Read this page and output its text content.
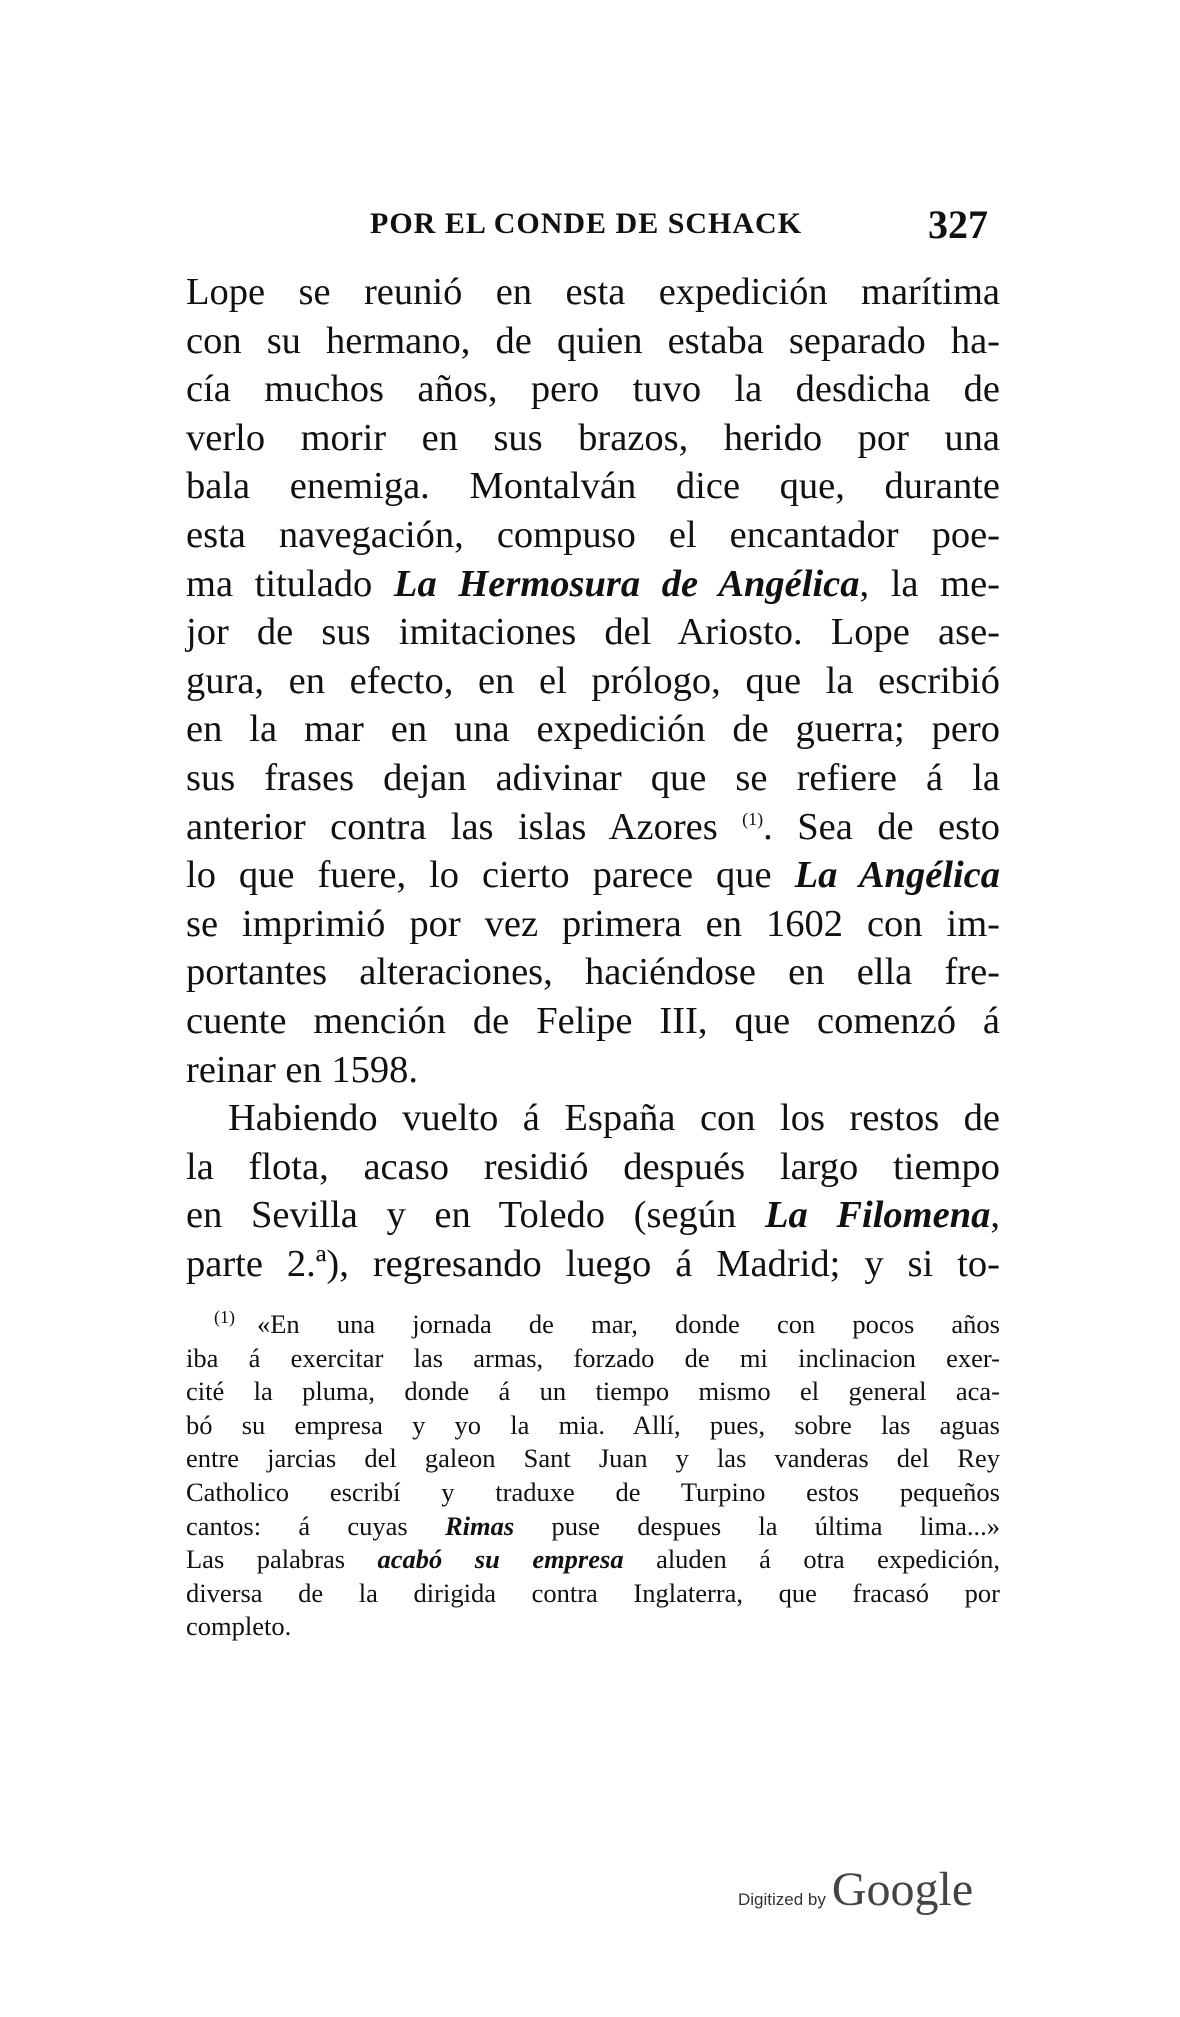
POR EL CONDE DE SCHACK	327
Lope se reunió en esta expedición marítima
con su hermano, de quien estaba separado ha-
cía muchos años, pero tuvo la desdicha de
verlo morir en sus brazos, herido por una
bala enemiga. Montalván dice que, durante
esta navegación, compuso el encantador poe-
ma titulado La Hermosura de Angélica, la me-
jor de sus imitaciones del Ariosto. Lope ase-
gura, en efecto, en el prólogo, que la escribió
en la mar en una expedición de guerra; pero
sus frases dejan adivinar que se refiere á la
anterior contra las islas Azores $^{(1)}$. Sea de esto
lo que fuere, lo cierto parece que La Angélica
se imprimió por vez primera en 1602 con im-
portantes alteraciones, haciéndose en ella fre-
cuente mención de Felipe III, que comenzó á
reinar en 1598.
Habiendo vuelto á España con los restos de
la flota, acaso residió después largo tiempo
en Sevilla y en Toledo (según La Filomena,
parte 2.ª), regresando luego á Madrid; y si to-
$^{(1)}$ «En una jornada de mar, donde con pocos años
iba á exercitar las armas, forzado de mi inclinacion exer-
cité la pluma, donde á un tiempo mismo el general aca-
bó su empresa y yo la mia. Allí, pues, sobre las aguas
entre jarcias del galeon Sant Juan y las vanderas del Rey
Catholico escribí y traduxe de Turpino estos pequeños
cantos: á cuyas Rimas puse despues la última lima...»
Las palabras acabó su empresa aluden á otra expedición,
diversa de la dirigida contra Inglaterra, que fracasó por
completo.
Digitized by Google
